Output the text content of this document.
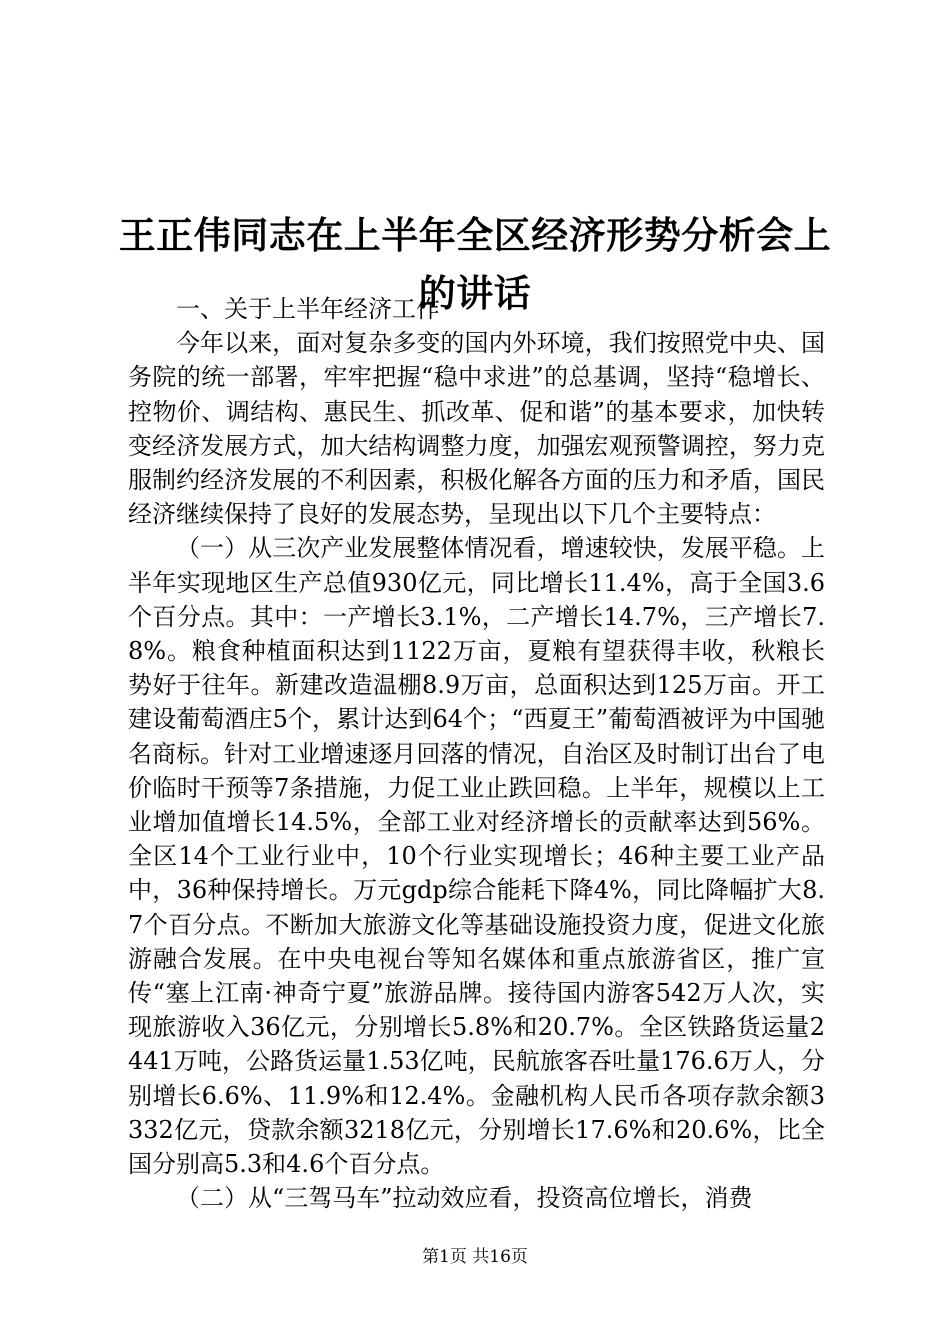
王正伟同志在上半年全区经济形势分析会上的讲话

一、关于上半年经济工作

今年以来，面对复杂多变的国内外环境，我们按照党中央、国务院的统一部署，牢牢把握“稳中求进”的总基调，坚持“稳增长、控物价、调结构、惠民生、抓改革、促和谐”的基本要求，加快转变经济发展方式，加大结构调整力度，加强宏观预警调控，努力克服制约经济发展的不利因素，积极化解各方面的压力和矛盾，国民经济继续保持了良好的发展态势，呈现出以下几个主要特点：

（一）从三次产业发展整体情况看，增速较快，发展平稳。上半年实现地区生产总值930亿元，同比增长11.4%，高于全国3.6个百分点。其中：一产增长3.1%，二产增长14.7%，三产增长7.8%。粮食种植面积达到1122万亩，夏粮有望获得丰收，秋粮长势好于往年。新建改造温棚8.9万亩，总面积达到125万亩。开工建设葡萄酒庄5个，累计达到64个；“西夏王”葡萄酒被评为中国驰名商标。针对工业增速逐月回落的情况，自治区及时制订出台了电价临时干预等7条措施，力促工业止跌回稳。上半年，规模以上工业增加值增长14.5%，全部工业对经济增长的贡献率达到56%。全区14个工业行业中，10个行业实现增长；46种主要工业产品中，36种保持增长。万元gdp综合能耗下降4%，同比降幅扩大8.7个百分点。不断加大旅游文化等基础设施投资力度，促进文化旅游融合发展。在中央电视台等知名媒体和重点旅游省区，推广宣传“塞上江南·神奇宁夏”旅游品牌。接待国内游客542万人次，实现旅游收入36亿元，分别增长5.8%和20.7%。全区铁路货运量2441万吨，公路货运量1.53亿吨，民航旅客吞吐量176.6万人，分别增长6.6%、11.9%和12.4%。金融机构人民币各项存款余额3332亿元，贷款余额3218亿元，分别增长17.6%和20.6%，比全国分别高5.3和4.6个百分点。

（二）从“三驾马车”拉动效应看，投资高位增长，消费

第1页 共16页
